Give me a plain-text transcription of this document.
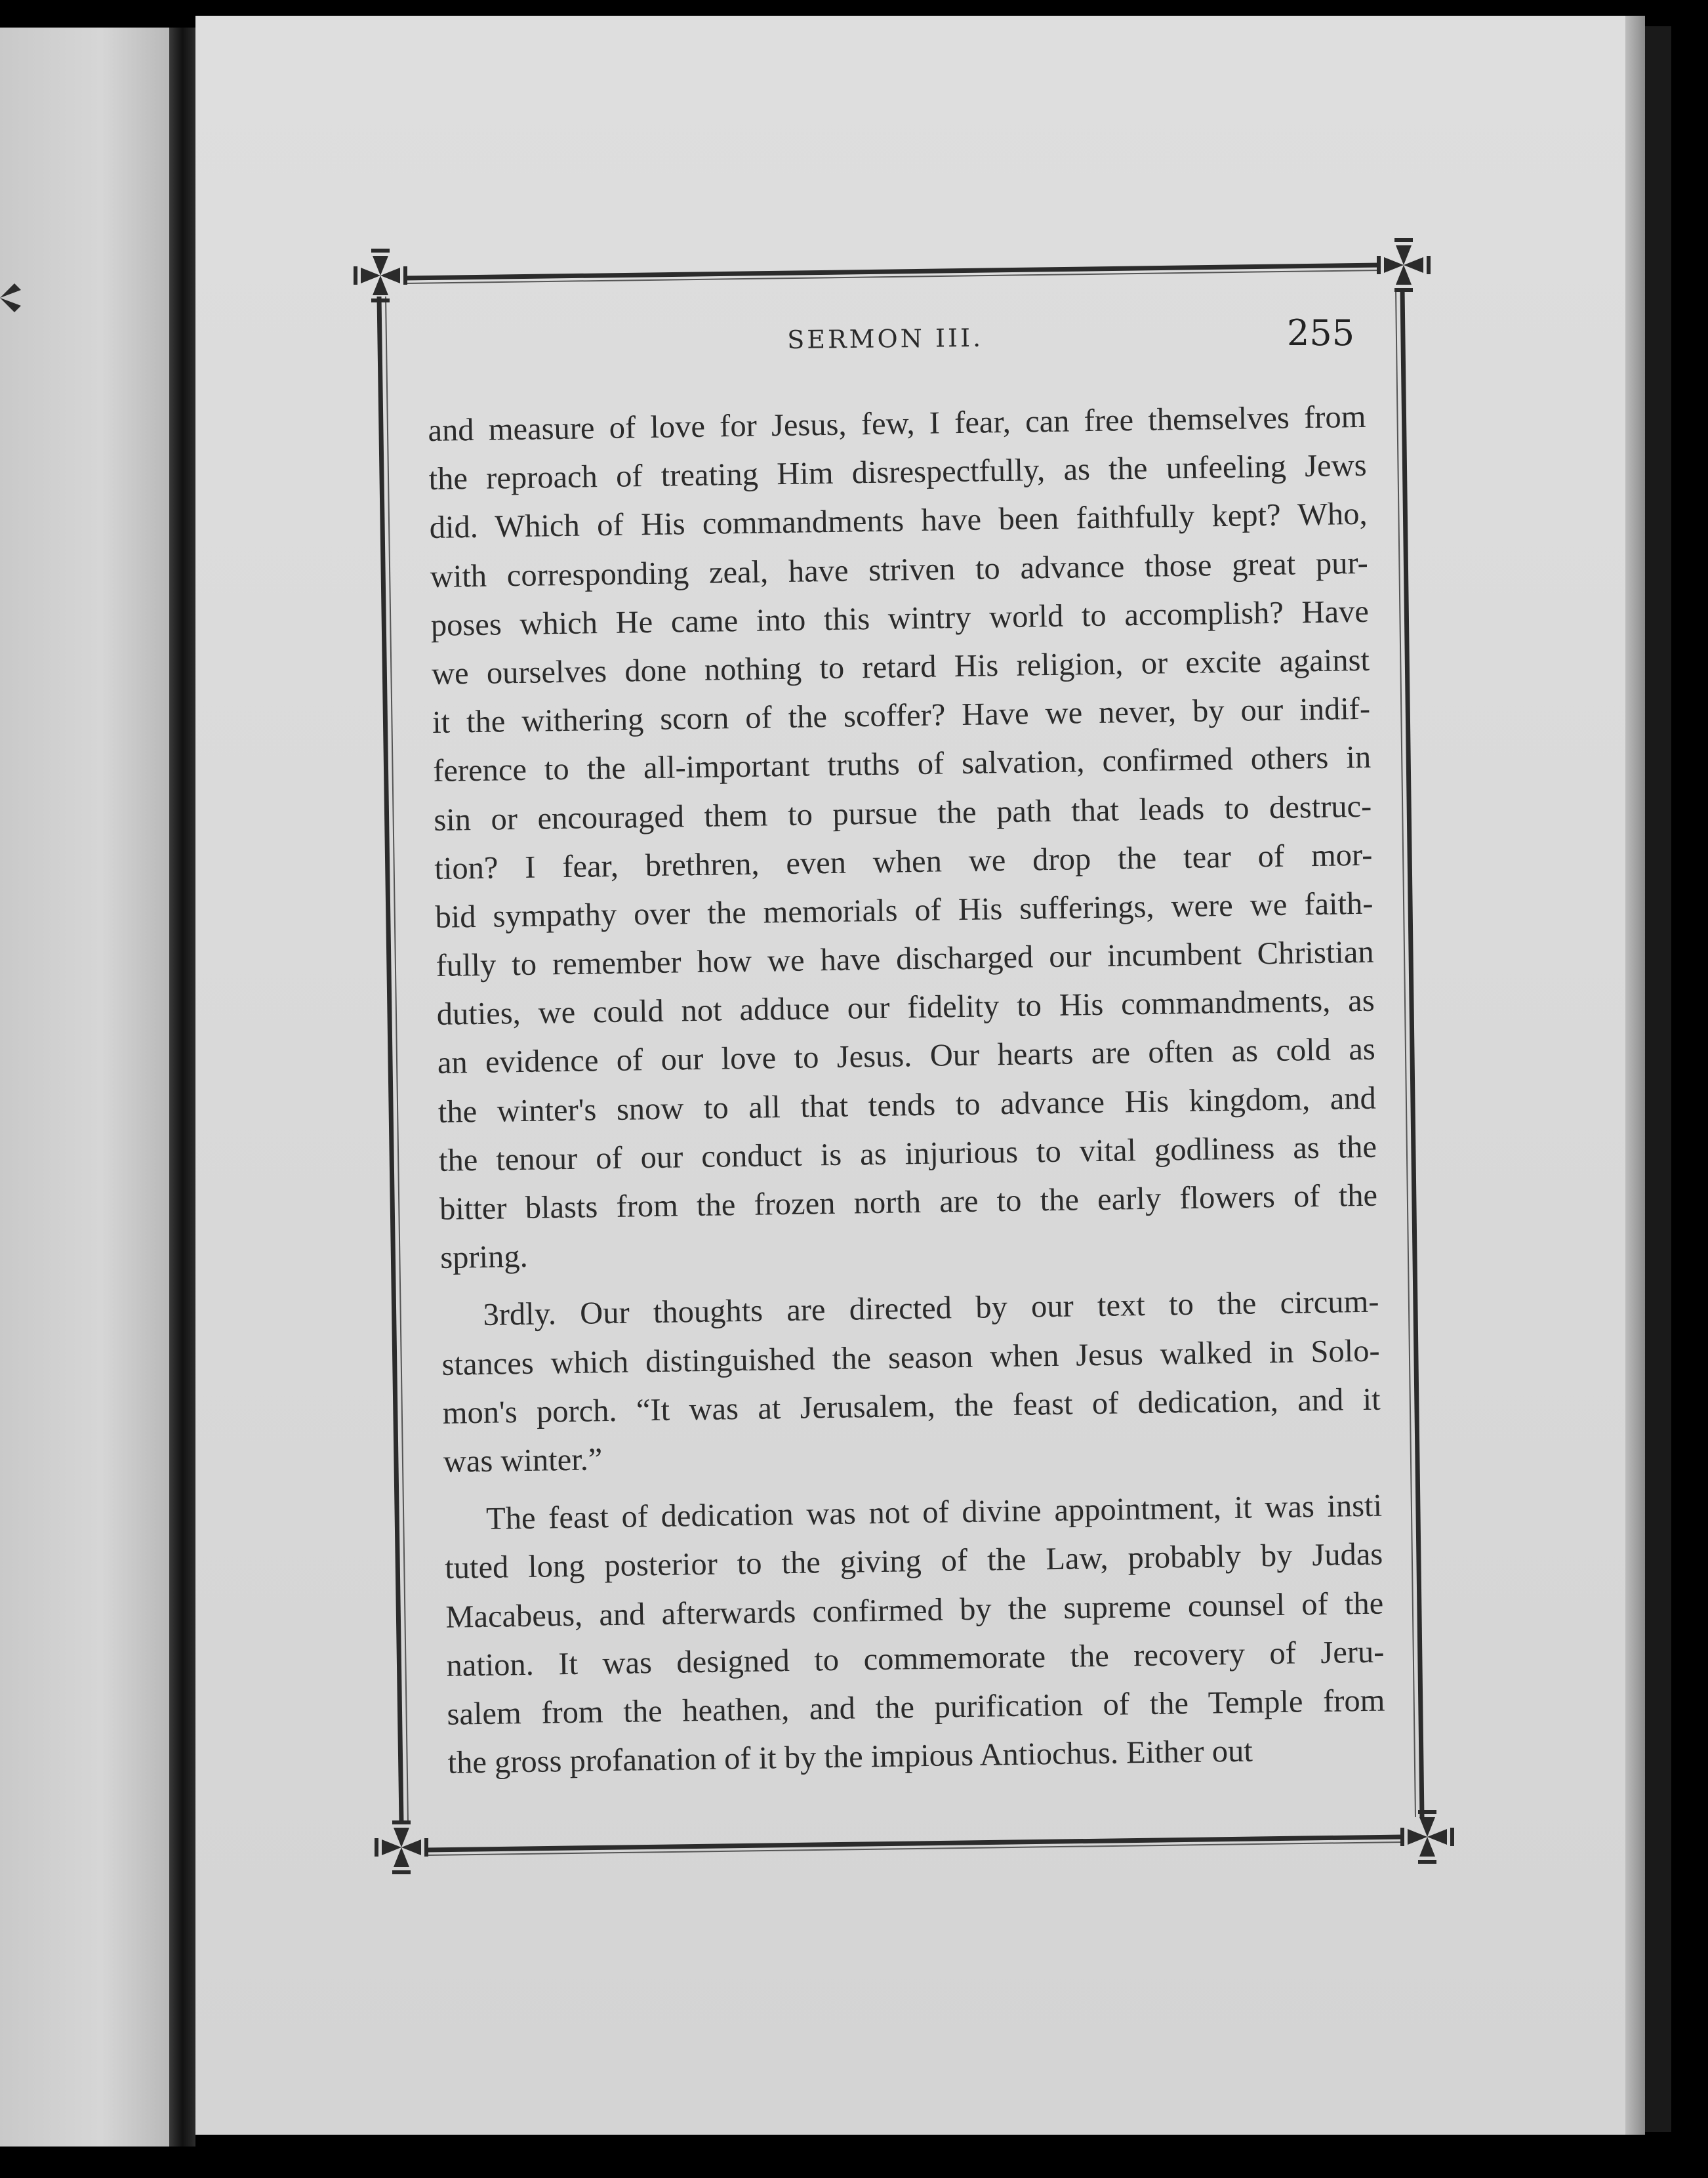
SERMON III.	255
and measure of love for Jesus, few, I fear, can free themselves from
the reproach of treating Him disrespectfully, as the unfeeling Jews
did. Which of His commandments have been faithfully kept? Who,
with corresponding zeal, have striven to advance those great pur-
poses which He came into this wintry world to accomplish? Have
we ourselves done nothing to retard His religion, or excite against
it the withering scorn of the scoffer? Have we never, by our indif-
ference to the all-important truths of salvation, confirmed others in
sin or encouraged them to pursue the path that leads to destruc-
tion? I fear, brethren, even when we drop the tear of mor-
bid sympathy over the memorials of His sufferings, were we faith-
fully to remember how we have discharged our incumbent Christian
duties, we could not adduce our fidelity to His commandments, as
an evidence of our love to Jesus. Our hearts are often as cold as
the winter's snow to all that tends to advance His kingdom, and
the tenour of our conduct is as injurious to vital godliness as the
bitter blasts from the frozen north are to the early flowers of the
spring.
3rdly. Our thoughts are directed by our text to the circum-
stances which distinguished the season when Jesus walked in Solo-
mon's porch. “It was at Jerusalem, the feast of dedication, and it
was winter.”
The feast of dedication was not of divine appointment, it was insti
tuted long posterior to the giving of the Law, probably by Judas
Macabeus, and afterwards confirmed by the supreme counsel of the
nation. It was designed to commemorate the recovery of Jeru-
salem from the heathen, and the purification of the Temple from
the gross profanation of it by the impious Antiochus. Either out
